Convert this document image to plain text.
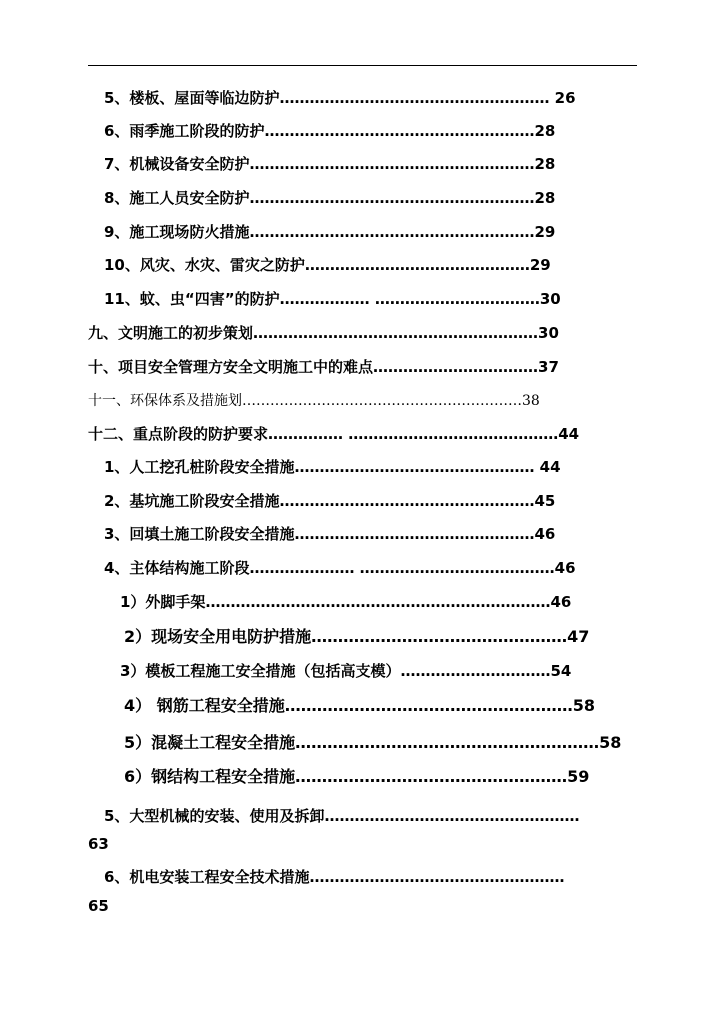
5、楼板、屋面等临边防护……………………………………………… 26
6、雨季施工阶段的防护………………………………………………28
7、机械设备安全防护…………………………………………………28
8、施工人员安全防护…………………………………………………28
9、施工现场防火措施…………………………………………………29
10、风灾、水灾、雷灾之防护………………………………………29
11、蚊、虫“四害”的防护……………… ……………………………30
九、文明施工的初步策划…………………………………………………30
十、项目安全管理方安全文明施工中的难点……………………………37
十一、环保体系及措施划……………………………………………………38
十二、重点阶段的防护要求…………… ……………………………………44
1、人工挖孔桩阶段安全措施………………………………………… 44
2、基坑施工阶段安全措施……………………………………………45
3、回填土施工阶段安全措施…………………………………………46
4、主体结构施工阶段………………… …………………………………46
1）外脚手架……………………………………………………………46
2）现场安全用电防护措施…………………………………………47
3）模板工程施工安全措施（包括高支模）…………………………54
4） 钢筋工程安全措施………………………………………………58
5）混凝土工程安全措施…………………………………………………58
6）钢结构工程安全措施……………………………………………59
5、大型机械的安装、使用及拆卸……………………………………………
63
6、机电安装工程安全技术措施……………………………………………
65
